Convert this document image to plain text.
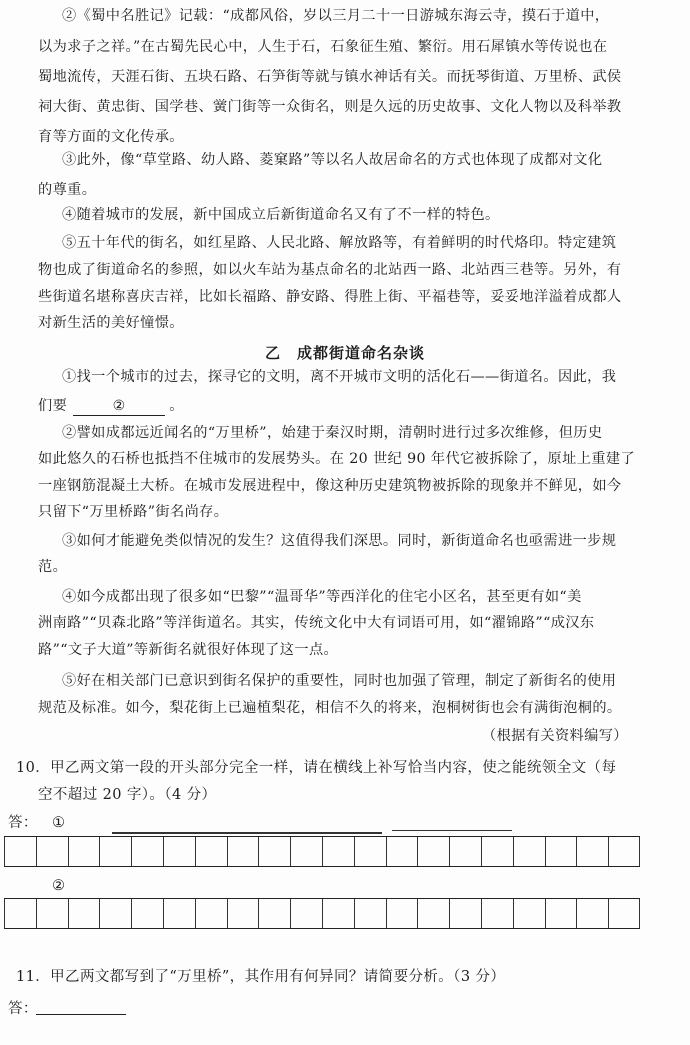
②《蜀中名胜记》记载：“成都风俗，岁以三月二十一日游城东海云寺，摸石于道中，
以为求子之祥。”在古蜀先民心中，人生于石，石象征生殖、繁衍。用石犀镇水等传说也在
蜀地流传，天涯石街、五块石路、石笋街等就与镇水神话有关。而抚琴街道、万里桥、武侯
祠大街、黄忠街、国学巷、黉门街等一众街名，则是久远的历史故事、文化人物以及科举教
育等方面的文化传承。
③此外，像“草堂路、幼人路、菱窠路”等以名人故居命名的方式也体现了成都对文化
的尊重。
④随着城市的发展，新中国成立后新街道命名又有了不一样的特色。
⑤五十年代的街名，如红星路、人民北路、解放路等，有着鲜明的时代烙印。特定建筑
物也成了街道命名的参照，如以火车站为基点命名的北站西一路、北站西三巷等。另外，有
些街道名堪称喜庆吉祥，比如长福路、静安路、得胜上街、平福巷等，妥妥地洋溢着成都人
对新生活的美好憧憬。
乙　成都街道命名杂谈
①找一个城市的过去，探寻它的文明，离不开城市文明的活化石——街道名。因此，我
们要	②	。
②譬如成都远近闻名的“万里桥”，始建于秦汉时期，清朝时进行过多次维修，但历史
如此悠久的石桥也抵挡不住城市的发展势头。在 20 世纪 90 年代它被拆除了，原址上重建了
一座钢筋混凝土大桥。在城市发展进程中，像这种历史建筑物被拆除的现象并不鲜见，如今
只留下“万里桥路”街名尚存。
③如何才能避免类似情况的发生？这值得我们深思。同时，新街道命名也亟需进一步规
范。
④如今成都出现了很多如“巴黎”“温哥华”等西洋化的住宅小区名，甚至更有如“美
洲南路”“贝森北路”等洋街道名。其实，传统文化中大有词语可用，如“濯锦路”“成汉东
路”“文子大道”等新街名就很好体现了这一点。
⑤好在相关部门已意识到街名保护的重要性，同时也加强了管理，制定了新街名的使用
规范及标准。如今，梨花街上已遍植梨花，相信不久的将来，泡桐树街也会有满街泡桐的。
（根据有关资料编写）
10．甲乙两文第一段的开头部分完全一样，请在横线上补写恰当内容，使之能统领全文（每
空不超过 20 字）。（4 分）
答： ①
②
11．甲乙两文都写到了“万里桥”，其作用有何异同？请简要分析。（3 分）
答：
